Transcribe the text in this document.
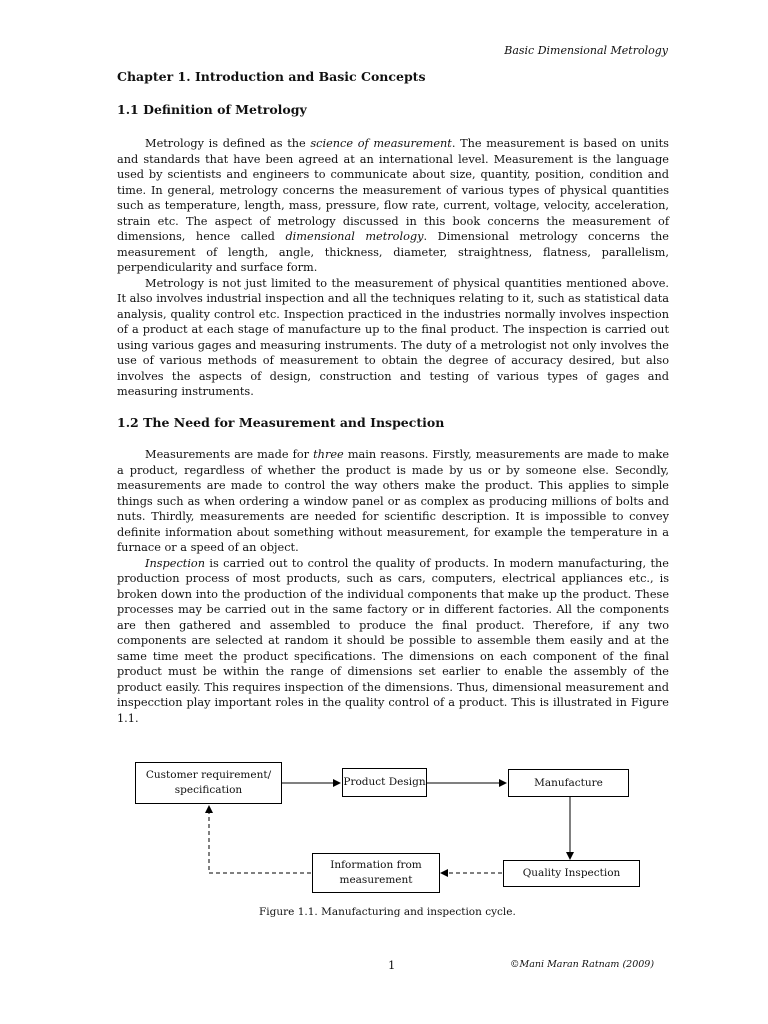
Basic Dimensional Metrology
Chapter 1. Introduction and Basic Concepts
1.1 Definition of Metrology

Metrology is defined as the science of measurement. The measurement is based on units and standards that have been agreed at an international level. Measurement is the language used by scientists and engineers to communicate about size, quantity, position, condition and time. In general, metrology concerns the measurement of various types of physical quantities such as temperature, length, mass, pressure, flow rate, current, voltage, velocity, acceleration, strain etc. The aspect of metrology discussed in this book concerns the measurement of dimensions, hence called dimensional metrology. Dimensional metrology concerns the measurement of length, angle, thickness, diameter, straightness, flatness, parallelism, perpendicularity and surface form.

Metrology is not just limited to the measurement of physical quantities mentioned above. It also involves industrial inspection and all the techniques relating to it, such as statistical data analysis, quality control etc. Inspection practiced in the industries normally involves inspection of a product at each stage of manufacture up to the final product. The inspection is carried out using various gages and measuring instruments. The duty of a metrologist not only involves the use of various methods of measurement to obtain the degree of accuracy desired, but also involves the aspects of design, construction and testing of various types of gages and measuring instruments.

1.2 The Need for Measurement and Inspection

Measurements are made for three main reasons. Firstly, measurements are made to make a product, regardless of whether the product is made by us or by someone else. Secondly, measurements are made to control the way others make the product. This applies to simple things such as when ordering a window panel or as complex as producing millions of bolts and nuts. Thirdly, measurements are needed for scientific description. It is impossible to convey definite information about something without measurement, for example the temperature in a furnace or a speed of an object.

Inspection is carried out to control the quality of products. In modern manufacturing, the production process of most products, such as cars, computers, electrical appliances etc., is broken down into the production of the individual components that make up the product. These processes may be carried out in the same factory or in different factories. All the components are then gathered and assembled to produce the final product. Therefore, if any two components are selected at random it should be possible to assemble them easily and at the same time meet the product specifications. The dimensions on each component of the final product must be within the range of dimensions set earlier to enable the assembly of the product easily. This requires inspection of the dimensions. Thus, dimensional measurement and inspecction play important roles in the quality control of a product. This is illustrated in Figure 1.1.

Customer requirement/
specification
Product Design	Manufacture
Quality Inspection
Information from
measurement
Figure 1.1. Manufacturing and inspection cycle.
1	©Mani Maran Ratnam (2009)
